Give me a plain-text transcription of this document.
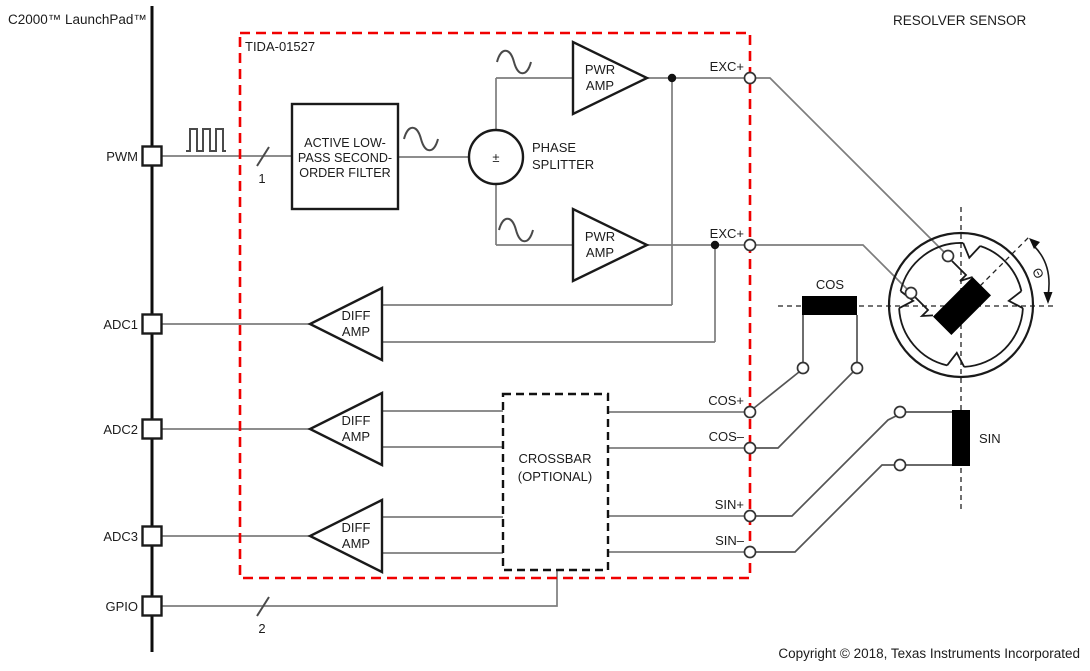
C2000™ LaunchPad™	RESOLVER SENSOR
TIDA-01527
Copyright © 2018, Texas Instruments Incorporated
PWM
ADC1
ADC2
ADC3
GPIO
1
2
ACTIVE LOW-
PASS SECOND-
ORDER FILTER
±
PHASE
SPLITTER
PWR
AMP
PWR
AMP
DIFF
AMP
DIFF
AMP
DIFF
AMP
CROSSBAR
(OPTIONAL)
EXC+
EXC+
COS+
COS–
SIN+
SIN–
COS
SIN
Θ
